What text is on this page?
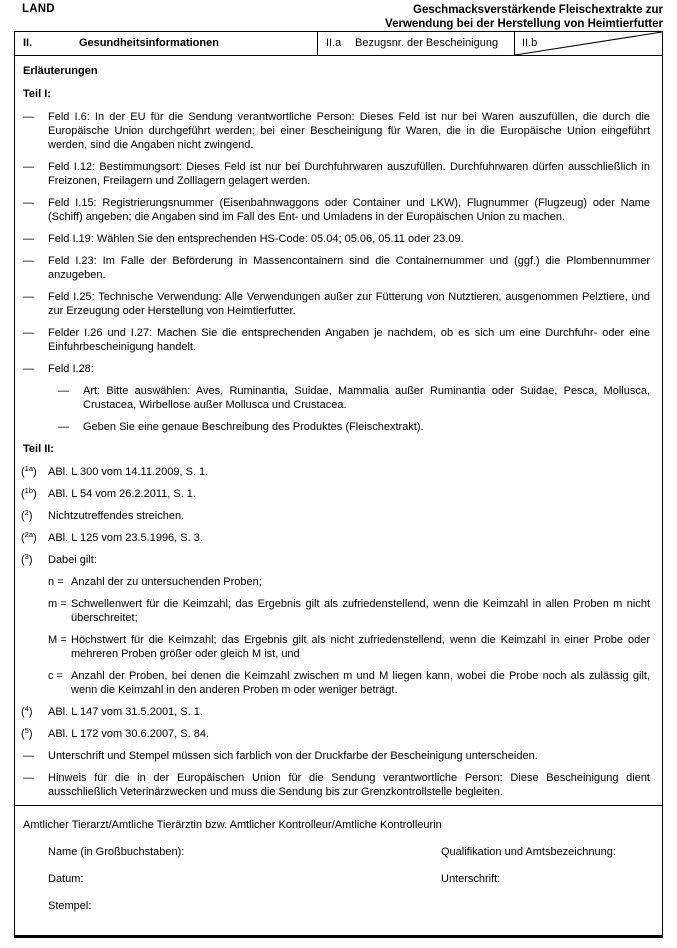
LAND	Geschmacksverstärkende Fleischextrakte zur
Verwendung bei der Herstellung von Heimtierfutter
II.	Gesundheitsinformationen	II.a	Bezugsnr. der Bescheinigung II.b
Erläuterungen
Teil I:
—	Feld I.6: In der EU für die Sendung verantwortliche Person: Dieses Feld ist nur bei Waren auszufüllen, die durch die Europäische Union durchgeführt werden; bei einer Bescheinigung für Waren, die in die Europäische Union eingeführt werden, sind die Angaben nicht zwingend.
—	Feld I.12: Bestimmungsort: Dieses Feld ist nur bei Durchfuhrwaren auszufüllen. Durchfuhrwaren dürfen ausschließlich in Freizonen, Freilagern und Zolllagern gelagert werden.
—	Feld I.15: Registrierungsnummer (Eisenbahnwaggons oder Container und LKW), Flugnummer (Flugzeug) oder Name (Schiff) angeben; die Angaben sind im Fall des Ent- und Umladens in der Europäischen Union zu machen.
—	Feld I.19: Wählen Sie den entsprechenden HS-Code: 05.04; 05.06, 05.11 oder 23.09.
—	Feld I.23: Im Falle der Beförderung in Massencontainern sind die Containernummer und (ggf.) die Plombennummer anzugeben.
—	Feld I.25: Technische Verwendung: Alle Verwendungen außer zur Fütterung von Nutztieren, ausgenommen Pelztiere, und zur Erzeugung oder Herstellung von Heimtierfutter.
—	Felder I.26 und I.27: Machen Sie die entsprechenden Angaben je nachdem, ob es sich um eine Durchfuhr- oder eine Einfuhrbescheinigung handelt.
—	Feld I.28:
—	Art: Bitte auswählen: Aves, Ruminantia, Suidae, Mammalia außer Ruminantia oder Suidae, Pesca, Mollusca, Crustacea, Wirbellose außer Mollusca und Crustacea.
—	Geben Sie eine genaue Beschreibung des Produktes (Fleischextrakt).
Teil II:
($^{1a}$)	ABl. L 300 vom 14.11.2009, S. 1.
($^{1b}$)	ABl. L 54 vom 26.2.2011, S. 1.
($^2$)	Nichtzutreffendes streichen.
($^{2a}$)	ABl. L 125 vom 23.5.1996, S. 3.
($^3$)	Dabei gilt:
n = Anzahl der zu untersuchenden Proben;
m = Schwellenwert für die Keimzahl; das Ergebnis gilt als zufriedenstellend, wenn die Keimzahl in allen Proben m nicht überschreitet;
M = Höchstwert für die Keimzahl; das Ergebnis gilt als nicht zufriedenstellend, wenn die Keimzahl in einer Probe oder mehreren Proben größer oder gleich M ist, und
c = Anzahl der Proben, bei denen die Keimzahl zwischen m und M liegen kann, wobei die Probe noch als zulässig gilt, wenn die Keimzahl in den anderen Proben m oder weniger beträgt.
($^4$)	ABl. L 147 vom 31.5.2001, S. 1.
($^5$)	ABl. L 172 vom 30.6.2007, S. 84.
—	Unterschrift und Stempel müssen sich farblich von der Druckfarbe der Bescheinigung unterscheiden.
—	Hinweis für die in der Europäischen Union für die Sendung verantwortliche Person: Diese Bescheinigung dient ausschließlich Veterinärzwecken und muss die Sendung bis zur Grenzkontrollstelle begleiten.
Amtlicher Tierarzt/Amtliche Tierärztin bzw. Amtlicher Kontrolleur/Amtliche Kontrolleurin
Name (in Großbuchstaben):	Qualifikation und Amtsbezeichnung:
Datum:	Unterschrift:
Stempel:
